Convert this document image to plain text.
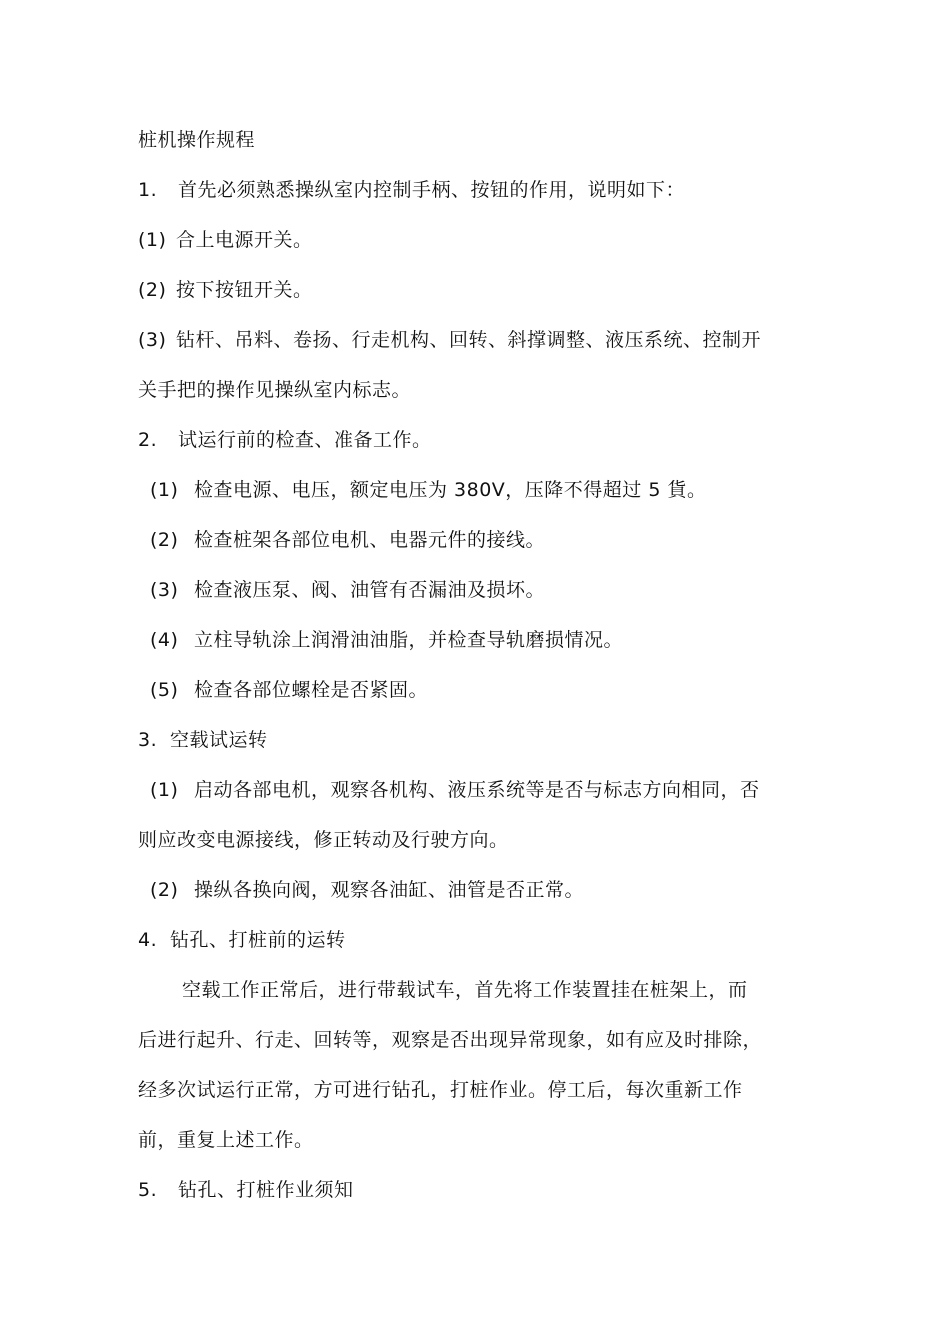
桩机操作规程
1. 首先必须熟悉操纵室内控制手柄、按钮的作用，说明如下：
(1) 合上电源开关。
(2) 按下按钮开关。
(3) 钻杆、吊料、卷扬、行走机构、回转、斜撑调整、液压系统、控制开
关手把的操作见操纵室内标志。
2. 试运行前的检查、准备工作。
(1) 检查电源、电压，额定电压为 380V，压降不得超过 5 貨。
(2) 检查桩架各部位电机、电器元件的接线。
(3) 检查液压泵、阀、油管有否漏油及损坏。
(4) 立柱导轨涂上润滑油油脂，并检查导轨磨损情况。
(5) 检查各部位螺栓是否紧固。
3. 空载试运转
(1) 启动各部电机，观察各机构、液压系统等是否与标志方向相同，否
则应改变电源接线，修正转动及行驶方向。
(2) 操纵各换向阀，观察各油缸、油管是否正常。
4. 钻孔、打桩前的运转
空载工作正常后，进行带载试车，首先将工作装置挂在桩架上，而
后进行起升、行走、回转等，观察是否出现异常现象，如有应及时排除，
经多次试运行正常，方可进行钻孔，打桩作业。停工后，每次重新工作
前，重复上述工作。
5. 钻孔、打桩作业须知
